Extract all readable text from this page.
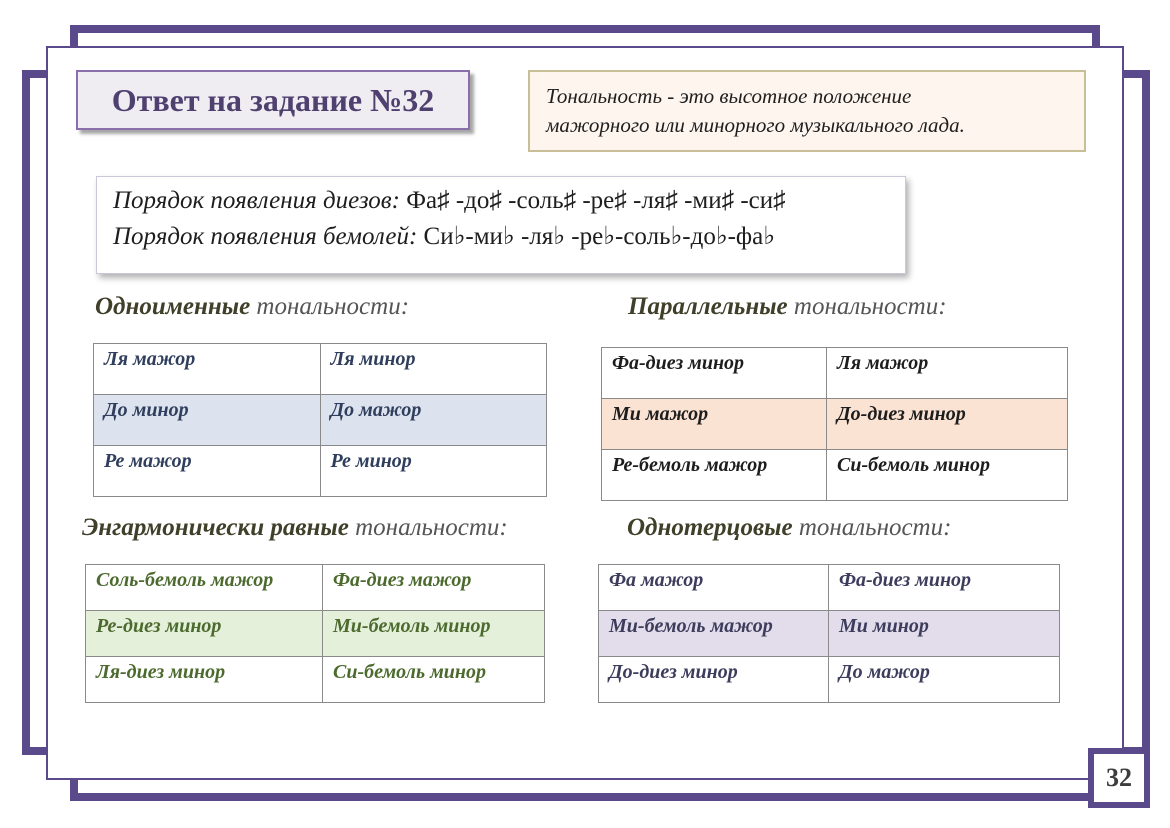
Ответ на задание №32	Тональность - это высотное положение
мажорного или минорного музыкального лада.
Порядок появления диезов: Фа♯ -до♯ -соль♯ -ре♯ -ля♯ -ми♯ -си♯
Порядок появления бемолей: Си♭-ми♭ -ля♭ -ре♭-соль♭-до♭-фа♭
Одноименные тональности:
Ля мажор	Ля минор
До минор	До мажор
Ре мажор	Ре минор
Параллельные тональности:
Фа-диез минор	Ля мажор
Ми мажор	До-диез минор
Ре-бемоль мажор	Си-бемоль минор
Энгармонически равные тональности:
Соль-бемоль мажор	Фа-диез мажор
Ре-диез минор	Ми-бемоль минор
Ля-диез минор	Си-бемоль минор
Однотерцовые тональности:
Фа мажор	Фа-диез минор
Ми-бемоль мажор	Ми минор
До-диез минор	До мажор
32
